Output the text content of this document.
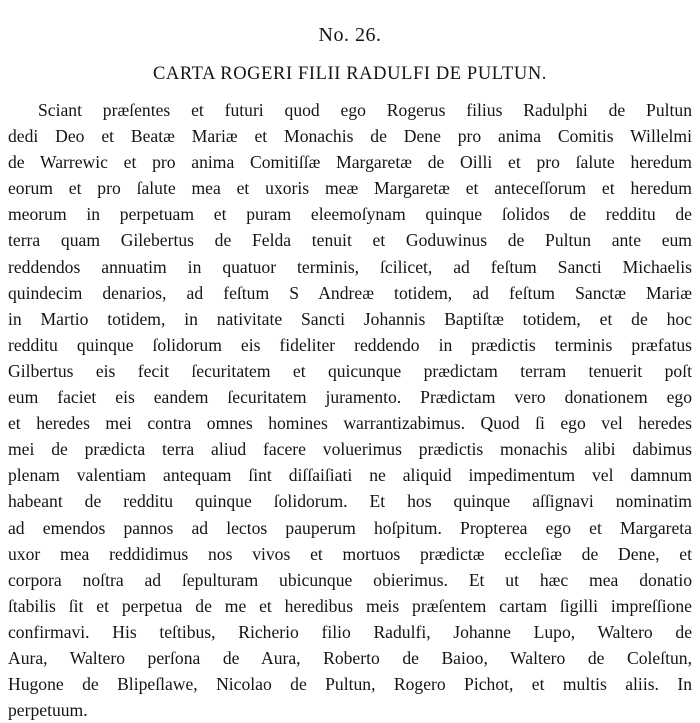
No. 26.
CARTA ROGERI FILII RADULFI DE PULTUN.
Sciant præſentes et futuri quod ego Rogerus filius Radulphi de Pultun
dedi Deo et Beatæ Mariæ et Monachis de Dene pro anima Comitis Willelmi
de Warrewic et pro anima Comitiſſæ Margaretæ de Oilli et pro ſalute heredum
eorum et pro ſalute mea et uxoris meæ Margaretæ et anteceſſorum et heredum
meorum in perpetuam et puram eleemoſynam quinque ſolidos de redditu de
terra quam Gilebertus de Felda tenuit et Goduwinus de Pultun ante eum
reddendos annuatim in quatuor terminis, ſcilicet, ad feſtum Sancti Michaelis
quindecim denarios, ad feſtum S Andreæ totidem, ad feſtum Sanctæ Mariæ
in Martio totidem, in nativitate Sancti Johannis Baptiſtæ totidem, et de hoc
redditu quinque ſolidorum eis fideliter reddendo in prædictis terminis præfatus
Gilbertus eis fecit ſecuritatem et quicunque prædictam terram tenuerit poſt
eum faciet eis eandem ſecuritatem juramento. Prædictam vero donationem ego
et heredes mei contra omnes homines warrantizabimus. Quod ſi ego vel heredes
mei de prædicta terra aliud facere voluerimus prædictis monachis alibi dabimus
plenam valentiam antequam ſint diſſaiſiati ne aliquid impedimentum vel damnum
habeant de redditu quinque ſolidorum. Et hos quinque aſſignavi nominatim
ad emendos pannos ad lectos pauperum hoſpitum. Propterea ego et Margareta
uxor mea reddidimus nos vivos et mortuos prædictæ eccleſiæ de Dene, et
corpora noſtra ad ſepulturam ubicunque obierimus. Et ut hæc mea donatio
ſtabilis ſit et perpetua de me et heredibus meis præſentem cartam ſigilli impreſſione
confirmavi. His teſtibus, Richerio filio Radulfi, Johanne Lupo, Waltero de
Aura, Waltero perſona de Aura, Roberto de Baioo, Waltero de Coleſtun,
Hugone de Blipeſlawe, Nicolao de Pultun, Rogero Pichot, et multis aliis. In
perpetuum.
